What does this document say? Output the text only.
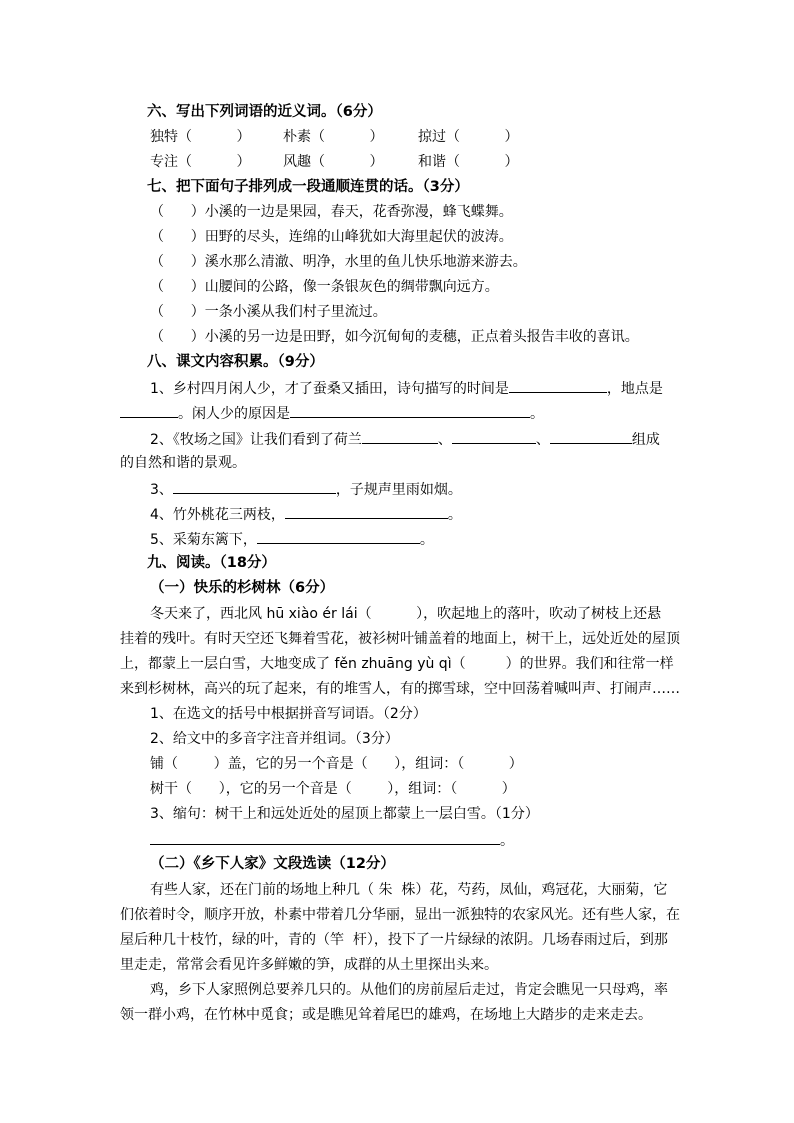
六、写出下列词语的近义词。（6分）
独特（          ） 朴素（          ） 掠过（          ）
专注（          ） 风趣（          ） 和谐（          ）
七、把下面句子排列成一段通顺连贯的话。（3分）
（      ）小溪的一边是果园，春天，花香弥漫，蜂飞蝶舞。
（      ）田野的尽头，连绵的山峰犹如大海里起伏的波涛。
（      ）溪水那么清澈、明净，水里的鱼儿快乐地游来游去。
（      ）山腰间的公路，像一条银灰色的绸带飘向远方。
（      ）一条小溪从我们村子里流过。
（      ）小溪的另一边是田野，如今沉甸甸的麦穗，正点着头报告丰收的喜讯。
八、课文内容积累。（9分）
1、乡村四月闲人少，才了蚕桑又插田，诗句描写的时间是	，地点是
。闲人少的原因是	。
2、《牧场之国》让我们看到了荷兰	、	、	组成
的自然和谐的景观。
3、	，子规声里雨如烟。
4、竹外桃花三两枝，	。
5、采菊东篱下，	。
九、阅读。（18分）
（一）快乐的杉树林（6分）
冬天来了，西北风 hū xiào ér lái（          ），吹起地上的落叶，吹动了树枝上还悬
挂着的残叶。有时天空还飞舞着雪花，被衫树叶铺盖着的地面上，树干上，远处近处的屋顶
上，都蒙上一层白雪，大地变成了 fěn zhuāng yù qì（         ）的世界。我们和往常一样
来到杉树林，高兴的玩了起来，有的堆雪人，有的掷雪球，空中回荡着喊叫声、打闹声……
1、在选文的括号中根据拼音写词语。（2分）
2、给文中的多音字注音并组词。（3分）
铺（        ）盖，它的另一个音是（      ），组词：（          ）
树干（      ），它的另一个音是（        ），组词：（          ）
3、缩句：树干上和远处近处的屋顶上都蒙上一层白雪。（1分）
。
（二）《乡下人家》文段选读（12分）
有些人家，还在门前的场地上种几（ 朱  株）花，芍药，凤仙，鸡冠花，大丽菊，它
们依着时令，顺序开放，朴素中带着几分华丽，显出一派独特的农家风光。还有些人家，在
屋后种几十枝竹，绿的叶，青的（竿  杆），投下了一片绿绿的浓阴。几场春雨过后，到那
里走走，常常会看见许多鲜嫩的笋，成群的从土里探出头来。
鸡，乡下人家照例总要养几只的。从他们的房前屋后走过，肯定会瞧见一只母鸡，率
领一群小鸡，在竹林中觅食；或是瞧见耸着尾巴的雄鸡，在场地上大踏步的走来走去。
